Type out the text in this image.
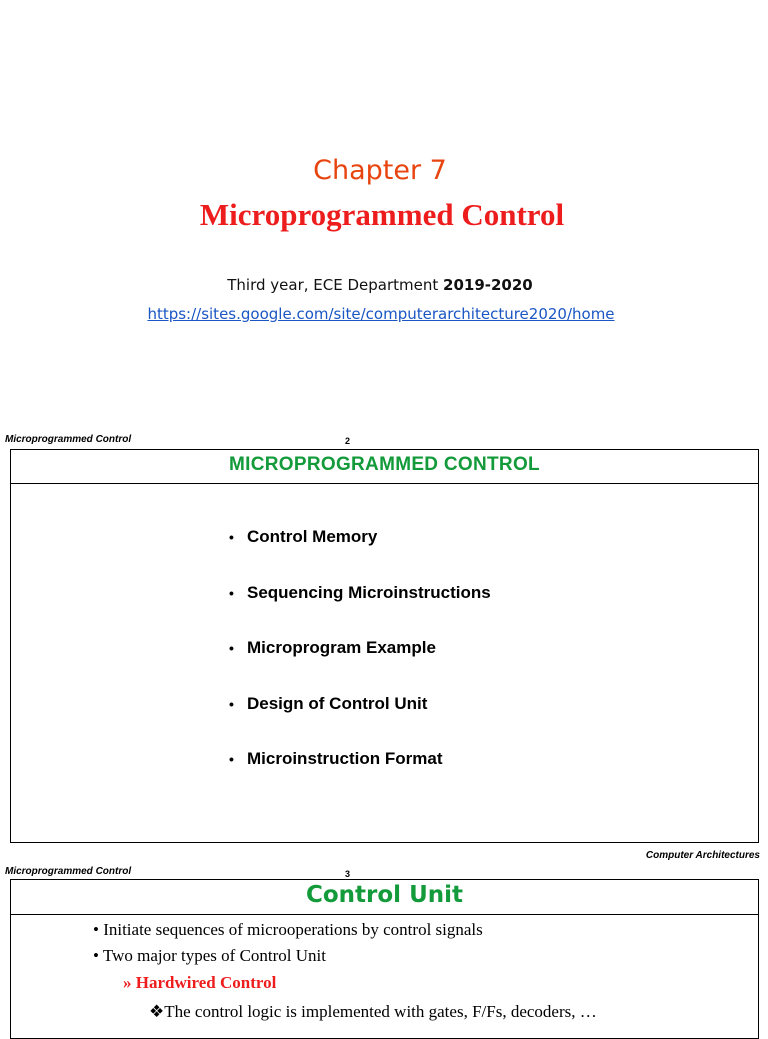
Chapter 7
Microprogrammed Control
Third year, ECE Department 2019-2020
https://sites.google.com/site/computerarchitecture2020/home
Microprogrammed Control	2
MICROPROGRAMMED CONTROL
• Control Memory
• Sequencing Microinstructions
• Microprogram Example
• Design of Control Unit
• Microinstruction Format
Computer Architectures
Microprogrammed Control	3
Control Unit
• Initiate sequences of microoperations by control signals
• Two major types of Control Unit
» Hardwired Control
❖The control logic is implemented with gates, F/Fs, decoders, …
